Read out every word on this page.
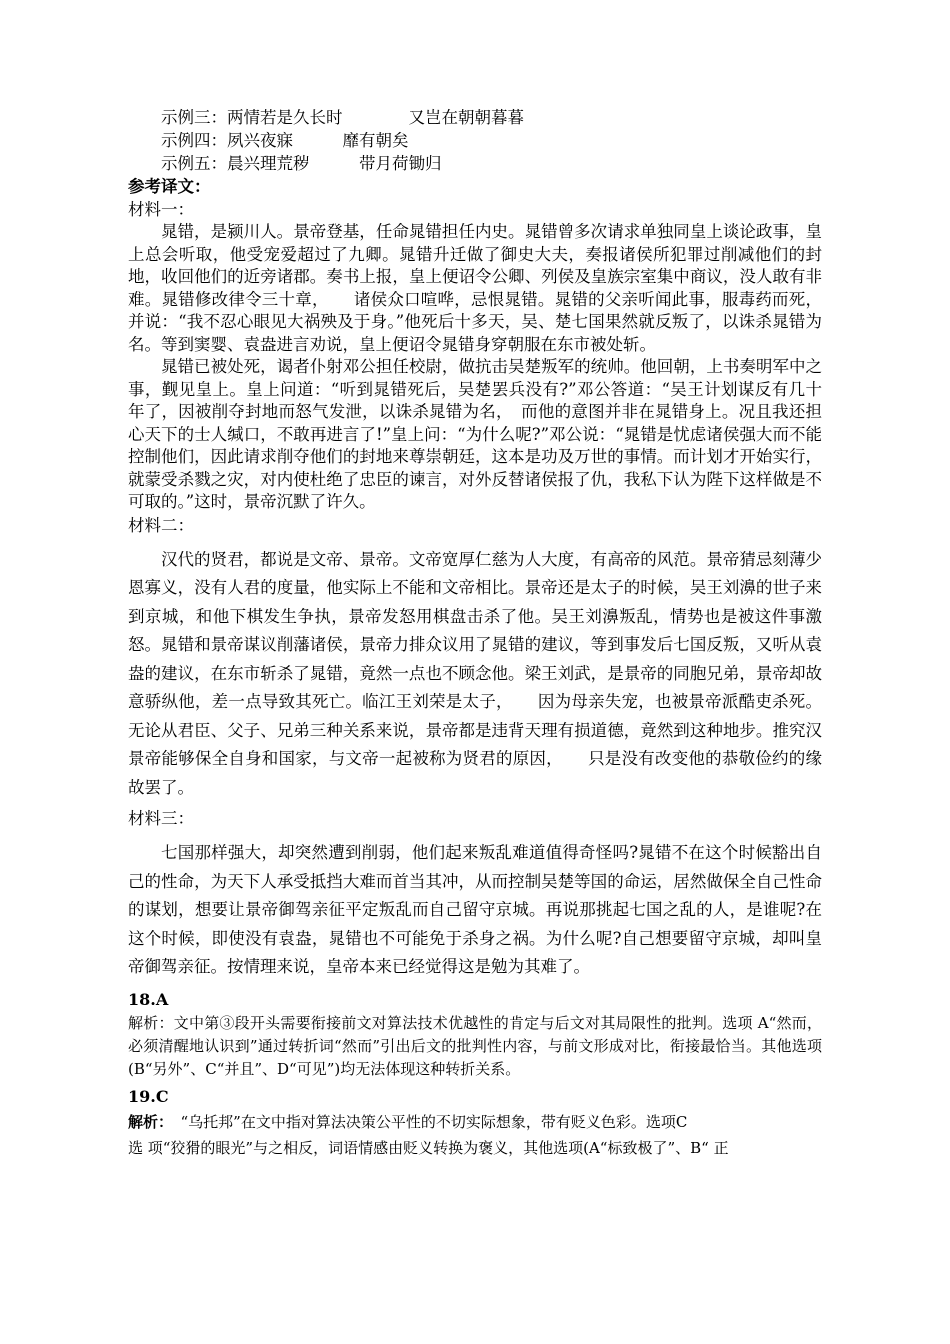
示例三：两情若是久长时　　　　又岂在朝朝暮暮
示例四：夙兴夜寐　　　靡有朝矣
示例五：晨兴理荒秽　　　带月荷锄归
参考译文：
材料一：

晁错，是颍川人。景帝登基，任命晁错担任内史。晁错曾多次请求单独同皇上谈论政事，皇上总会听取，他受宠爱超过了九卿。晁错升迁做了御史大夫，奏报诸侯所犯罪过削减他们的封地，收回他们的近旁诸郡。奏书上报，皇上便诏令公卿、列侯及皇族宗室集中商议，没人敢有非难。晁错修改律令三十章，　　诸侯众口喧哗，忌恨晁错。晁错的父亲听闻此事，服毒药而死，并说：“我不忍心眼见大祸殃及于身。”他死后十多天，吴、楚七国果然就反叛了，以诛杀晁错为名。等到窦婴、袁盎进言劝说，皇上便诏令晁错身穿朝服在东市被处斩。

晁错已被处死，谒者仆射邓公担任校尉，做抗击吴楚叛军的统帅。他回朝，上书奏明军中之事，觐见皇上。皇上问道：“听到晁错死后，吴楚罢兵没有?”邓公答道：“吴王计划谋反有几十年了，因被削夺封地而怒气发泄，以诛杀晁错为名，　而他的意图并非在晁错身上。况且我还担心天下的士人缄口，不敢再进言了!”皇上问：“为什么呢?”邓公说：“晁错是忧虑诸侯强大而不能控制他们，因此请求削夺他们的封地来尊崇朝廷，这本是功及万世的事情。而计划才开始实行，就蒙受杀戮之灾，对内使杜绝了忠臣的谏言，对外反替诸侯报了仇，我私下认为陛下这样做是不可取的。”这时，景帝沉默了许久。

材料二：

汉代的贤君，都说是文帝、景帝。文帝宽厚仁慈为人大度，有高帝的风范。景帝猜忌刻薄少恩寡义，没有人君的度量，他实际上不能和文帝相比。景帝还是太子的时候，吴王刘濞的世子来到京城，和他下棋发生争执，景帝发怒用棋盘击杀了他。吴王刘濞叛乱，情势也是被这件事激怒。晁错和景帝谋议削藩诸侯，景帝力排众议用了晁错的建议，等到事发后七国反叛，又听从袁盎的建议，在东市斩杀了晁错，竟然一点也不顾念他。梁王刘武，是景帝的同胞兄弟，景帝却故意骄纵他，差一点导致其死亡。临江王刘荣是太子，　　因为母亲失宠，也被景帝派酷吏杀死。无论从君臣、父子、兄弟三种关系来说，景帝都是违背天理有损道德，竟然到这种地步。推究汉景帝能够保全自身和国家，与文帝一起被称为贤君的原因，　　只是没有改变他的恭敬俭约的缘故罢了。

材料三：

七国那样强大，却突然遭到削弱，他们起来叛乱难道值得奇怪吗?晁错不在这个时候豁出自己的性命，为天下人承受抵挡大难而首当其冲，从而控制吴楚等国的命运，居然做保全自己性命的谋划，想要让景帝御驾亲征平定叛乱而自己留守京城。再说那挑起七国之乱的人，是谁呢?在这个时候，即使没有袁盎，晁错也不可能免于杀身之祸。为什么呢?自己想要留守京城，却叫皇帝御驾亲征。按情理来说，皇帝本来已经觉得这是勉为其难了。

18.A

解析：文中第③段开头需要衔接前文对算法技术优越性的肯定与后文对其局限性的批判。选项 A“然而，必须清醒地认识到”通过转折词“然而”引出后文的批判性内容，与前文形成对比，衔接最恰当。其他选项(B“另外”、C“并且”、D“可见”)均无法体现这种转折关系。

19.C

解析：　“乌托邦”在文中指对算法决策公平性的不切实际想象，带有贬义色彩。选项C

选 项“狡猾的眼光”与之相反，词语情感由贬义转换为褒义，其他选项(A“标致极了”、B“ 正
